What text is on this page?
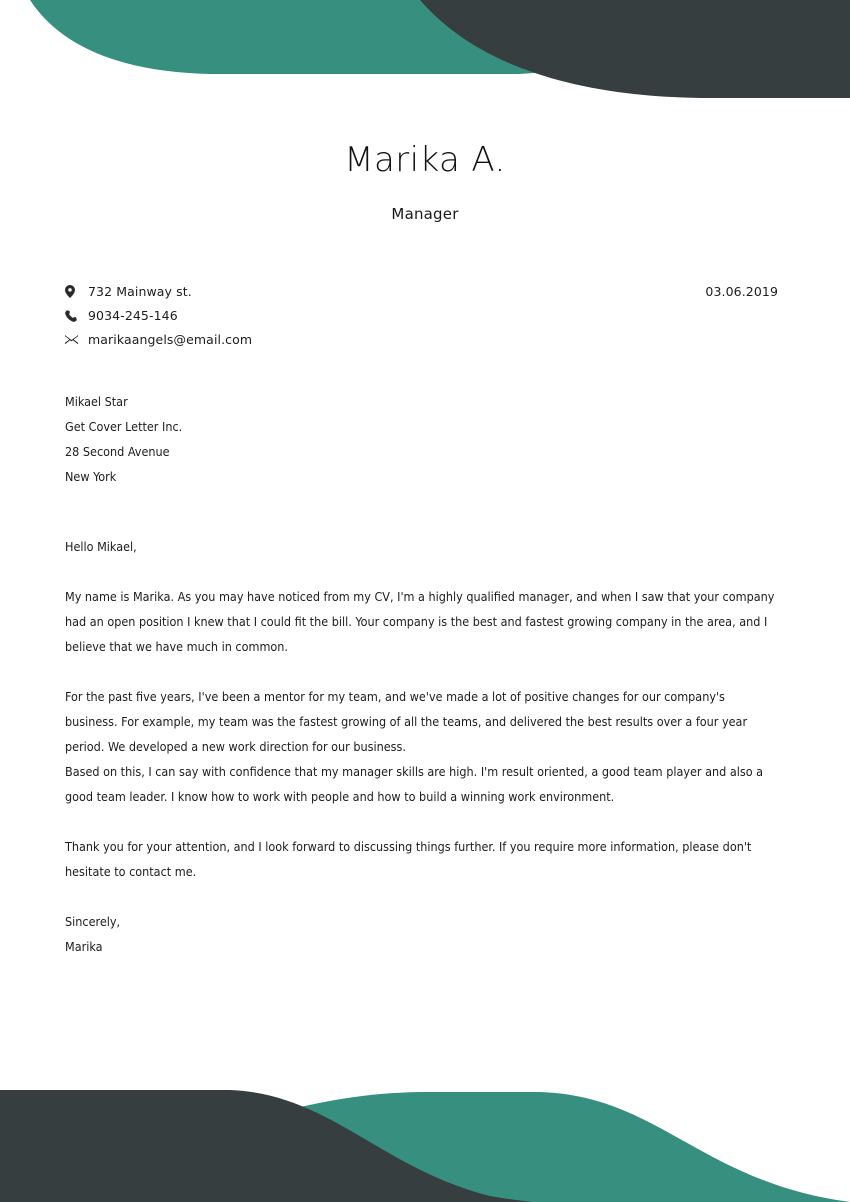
Marika A.

Manager

732 Mainway st.
9034-245-146
marikaangels@email.com
03.06.2019
Mikael Star
Get Cover Letter Inc.
28 Second Avenue
New York

Hello Mikael,

My name is Marika. As you may have noticed from my CV, I'm a highly qualified manager, and when I saw that your company had an open position I knew that I could fit the bill. Your company is the best and fastest growing company in the area, and I believe that we have much in common.

For the past five years, I've been a mentor for my team, and we've made a lot of positive changes for our company's business. For example, my team was the fastest growing of all the teams, and delivered the best results over a four year period. We developed a new work direction for our business.

Based on this, I can say with confidence that my manager skills are high. I'm result oriented, a good team player and also a good team leader. I know how to work with people and how to build a winning work environment.

Thank you for your attention, and I look forward to discussing things further. If you require more information, please don't hesitate to contact me.

Sincerely,
Marika
